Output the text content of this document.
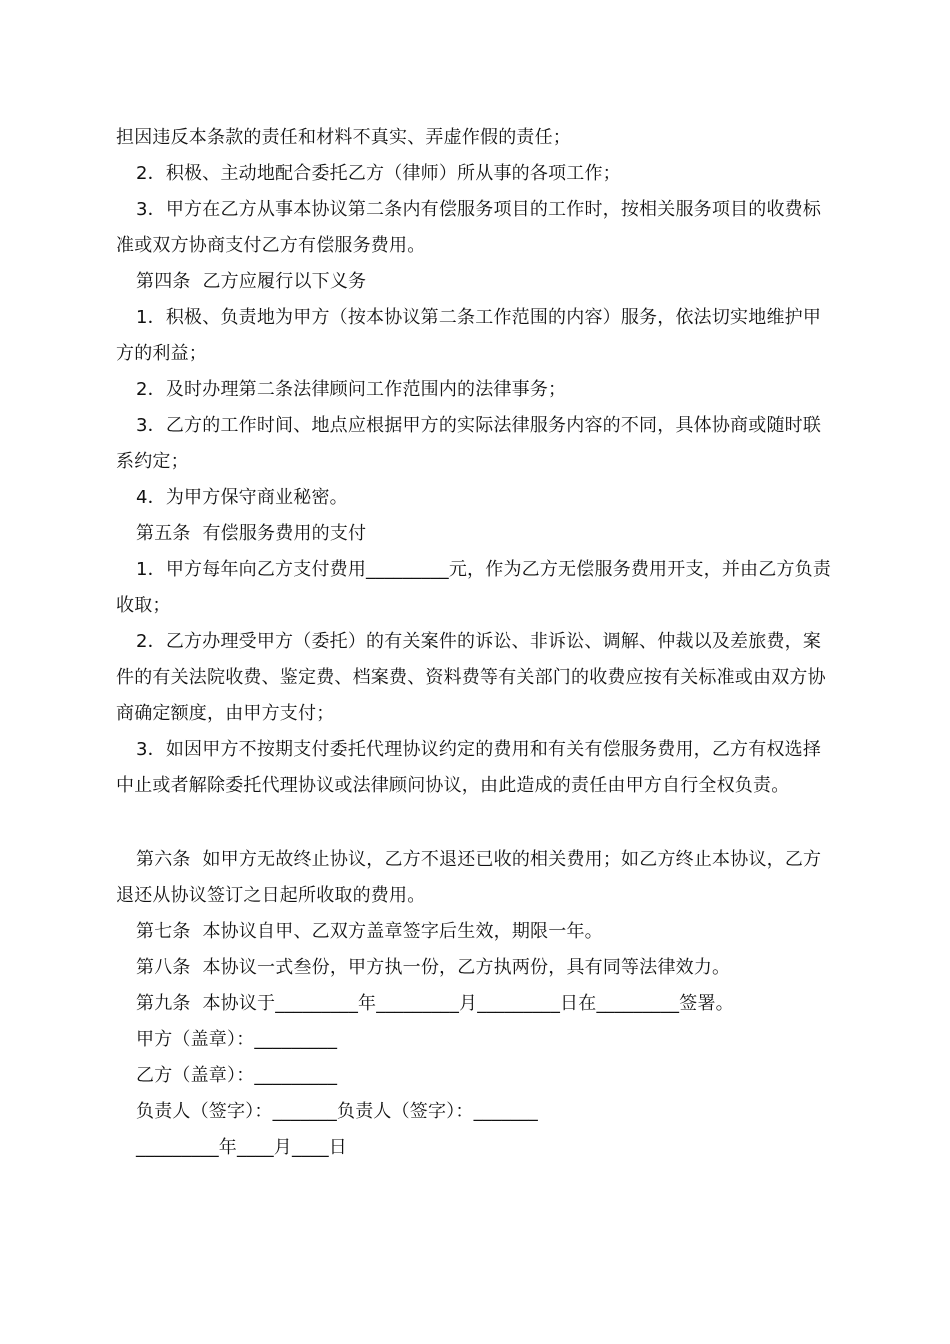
担因违反本条款的责任和材料不真实、弄虚作假的责任；

2．积极、主动地配合委托乙方（律师）所从事的各项工作；

3．甲方在乙方从事本协议第二条内有偿服务项目的工作时，按相关服务项目的收费标准或双方协商支付乙方有偿服务费用。

第四条  乙方应履行以下义务

1．积极、负责地为甲方（按本协议第二条工作范围的内容）服务，依法切实地维护甲方的利益；

2．及时办理第二条法律顾问工作范围内的法律事务；

3．乙方的工作时间、地点应根据甲方的实际法律服务内容的不同，具体协商或随时联系约定；

4．为甲方保守商业秘密。

第五条  有偿服务费用的支付

1．甲方每年向乙方支付费用_________元，作为乙方无偿服务费用开支，并由乙方负责收取；

2．乙方办理受甲方（委托）的有关案件的诉讼、非诉讼、调解、仲裁以及差旅费，案件的有关法院收费、鉴定费、档案费、资料费等有关部门的收费应按有关标准或由双方协商确定额度，由甲方支付；

3．如因甲方不按期支付委托代理协议约定的费用和有关有偿服务费用，乙方有权选择中止或者解除委托代理协议或法律顾问协议，由此造成的责任由甲方自行全权负责。

第六条  如甲方无故终止协议，乙方不退还已收的相关费用；如乙方终止本协议，乙方退还从协议签订之日起所收取的费用。

第七条  本协议自甲、乙双方盖章签字后生效，期限一年。

第八条  本协议一式叁份，甲方执一份，乙方执两份，具有同等法律效力。

第九条  本协议于_________年_________月_________日在_________签署。

甲方（盖章）：_________

乙方（盖章）：_________

负责人（签字）：_______负责人（签字）：_______

_________年____月____日
